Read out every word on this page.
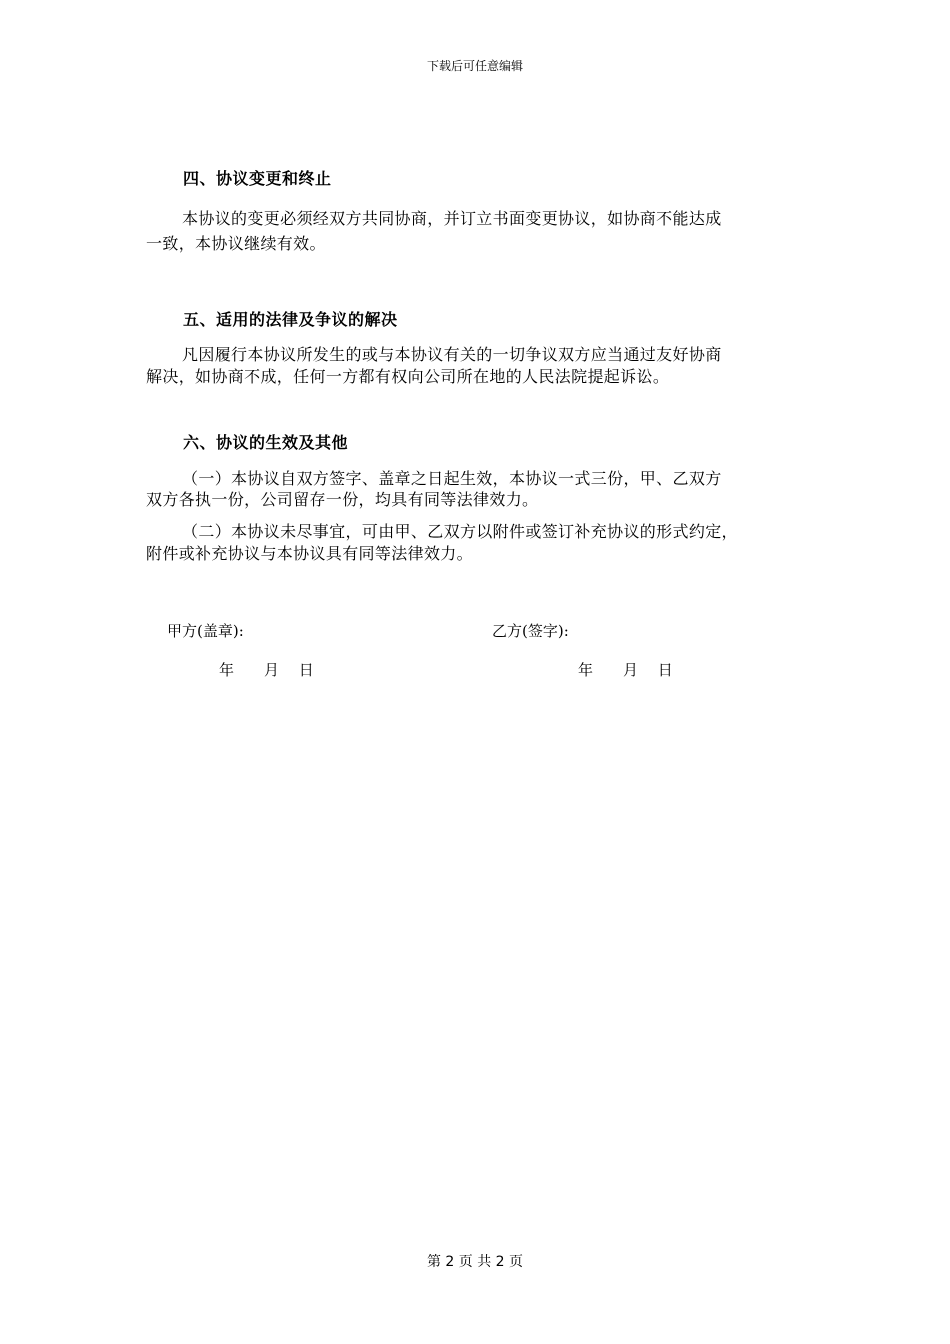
下载后可任意编辑
四、协议变更和终止
本协议的变更必须经双方共同协商，并订立书面变更协议，如协商不能达成
一致，本协议继续有效。
五、适用的法律及争议的解决
凡因履行本协议所发生的或与本协议有关的一切争议双方应当通过友好协商
解决，如协商不成，任何一方都有权向公司所在地的人民法院提起诉讼。
六、协议的生效及其他
（一）本协议自双方签字、盖章之日起生效，本协议一式三份，甲、乙双方
双方各执一份，公司留存一份，均具有同等法律效力。
（二）本协议未尽事宜，可由甲、乙双方以附件或签订补充协议的形式约定，
附件或补充协议与本协议具有同等法律效力。
甲方(盖章):	乙方(签字):
年　　月　 日	年　　月　 日
第 2 页 共 2 页
